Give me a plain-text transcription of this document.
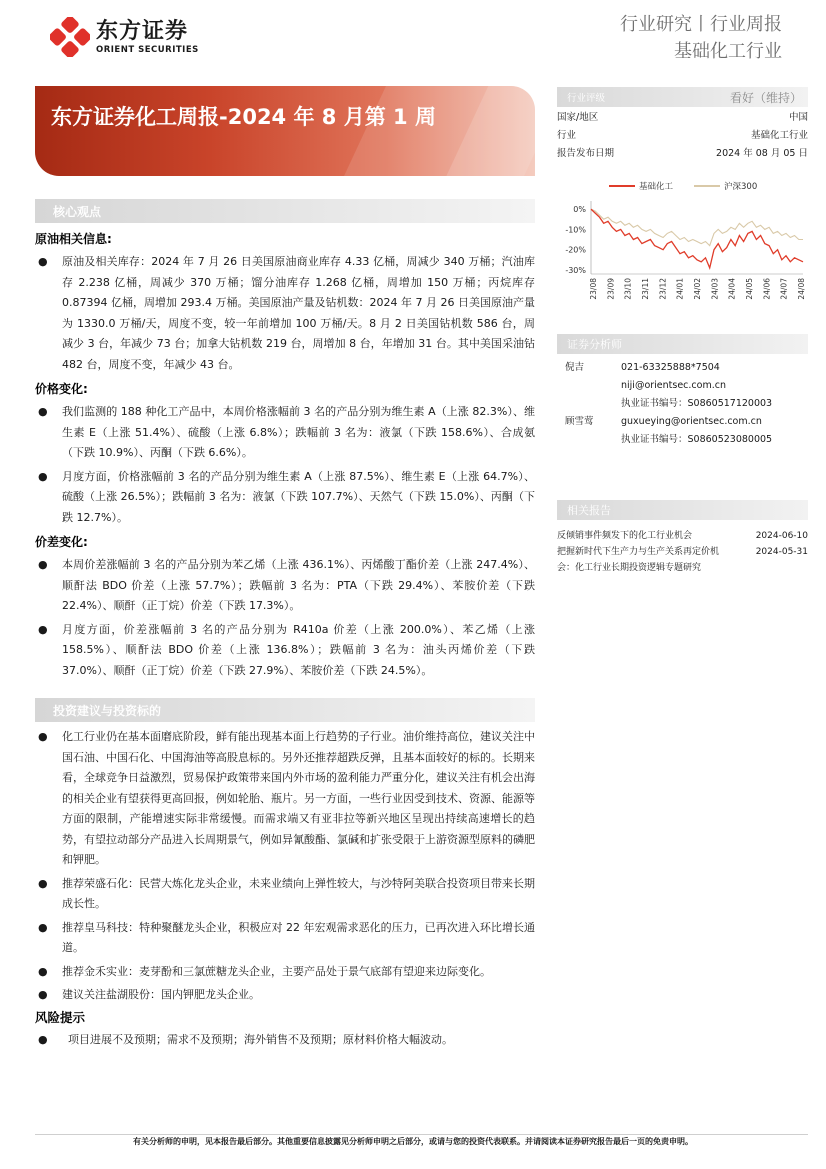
东方证券
ORIENT SECURITIES
行业研究丨行业周报
基础化工行业
东方证券化工周报-2024 年 8 月第 1 周
行业评级	看好（维持）
国家/地区	中国
行业	基础化工行业
报告发布日期	2024 年 08 月 05 日
基础化工	沪深300
0%
-10%
-20%
-30%
23/08 23/09 23/10 23/11 23/12 24/01 24/02 24/03 24/04 24/05 24/06 24/07 24/08
证券分析师
倪吉	021-63325888*7504
niji@orientsec.com.cn
执业证书编号：S0860517120003
顾雪莺	guxueying@orientsec.com.cn
执业证书编号：S0860523080005
相关报告
反倾销事件频发下的化工行业机会	2024-06-10
把握新时代下生产力与生产关系再定价机	2024-05-31
会：化工行业长期投资逻辑专题研究
核心观点
原油相关信息:
● 原油及相关库存：2024 年 7 月 26 日美国原油商业库存 4.33 亿桶，周减少 340 万桶；汽油库存 2.238 亿桶，周减少 370 万桶；馏分油库存 1.268 亿桶，周增加 150 万桶；丙烷库存 0.87394 亿桶，周增加 293.4 万桶。美国原油产量及钻机数：2024 年 7 月 26 日美国原油产量为 1330.0 万桶/天，周度不变，较一年前增加 100 万桶/天。8 月 2 日美国钻机数 586 台，周减少 3 台，年减少 73 台；加拿大钻机数 219 台，周增加 8 台，年增加 31 台。其中美国采油钻 482 台，周度不变，年减少 43 台。
价格变化:
● 我们监测的 188 种化工产品中，本周价格涨幅前 3 名的产品分别为维生素 A（上涨 82.3%）、维生素 E（上涨 51.4%）、硫酸（上涨 6.8%）；跌幅前 3 名为：液氯（下跌 158.6%）、合成氨（下跌 10.9%）、丙酮（下跌 6.6%）。
● 月度方面，价格涨幅前 3 名的产品分别为维生素 A（上涨 87.5%）、维生素 E（上涨 64.7%）、硫酸（上涨 26.5%）；跌幅前 3 名为：液氯（下跌 107.7%）、天然气（下跌 15.0%）、丙酮（下跌 12.7%）。
价差变化:
● 本周价差涨幅前 3 名的产品分别为苯乙烯（上涨 436.1%）、丙烯酸丁酯价差（上涨 247.4%）、顺酐法 BDO 价差（上涨 57.7%）；跌幅前 3 名为：PTA（下跌 29.4%）、苯胺价差（下跌 22.4%）、顺酐（正丁烷）价差（下跌 17.3%）。
● 月度方面，价差涨幅前 3 名的产品分别为 R410a 价差（上涨 200.0%）、苯乙烯（上涨 158.5%）、顺酐法 BDO 价差（上涨 136.8%）；跌幅前 3 名为：油头丙烯价差（下跌 37.0%）、顺酐（正丁烷）价差（下跌 27.9%）、苯胺价差（下跌 24.5%）。
投资建议与投资标的
● 化工行业仍在基本面磨底阶段，鲜有能出现基本面上行趋势的子行业。油价维持高位，建议关注中国石油、中国石化、中国海油等高股息标的。另外还推荐超跌反弹，且基本面较好的标的。长期来看，全球竞争日益激烈，贸易保护政策带来国内外市场的盈利能力严重分化，建议关注有机会出海的相关企业有望获得更高回报，例如轮胎、瓶片。另一方面，一些行业因受到技术、资源、能源等方面的限制，产能增速实际非常缓慢。而需求端又有亚非拉等新兴地区呈现出持续高速增长的趋势，有望拉动部分产品进入长周期景气，例如异氰酸酯、氯碱和扩张受限于上游资源型原料的磷肥和钾肥。
● 推荐荣盛石化：民营大炼化龙头企业，未来业绩向上弹性较大，与沙特阿美联合投资项目带来长期成长性。
● 推荐皇马科技：特种聚醚龙头企业，积极应对 22 年宏观需求恶化的压力，已再次进入环比增长通道。
● 推荐金禾实业：麦芽酚和三氯蔗糖龙头企业，主要产品处于景气底部有望迎来边际变化。
● 建议关注盐湖股份：国内钾肥龙头企业。
风险提示
● 项目进展不及预期；需求不及预期；海外销售不及预期；原材料价格大幅波动。
有关分析师的申明，见本报告最后部分。其他重要信息披露见分析师申明之后部分，或请与您的投资代表联系。并请阅读本证券研究报告最后一页的免责申明。
